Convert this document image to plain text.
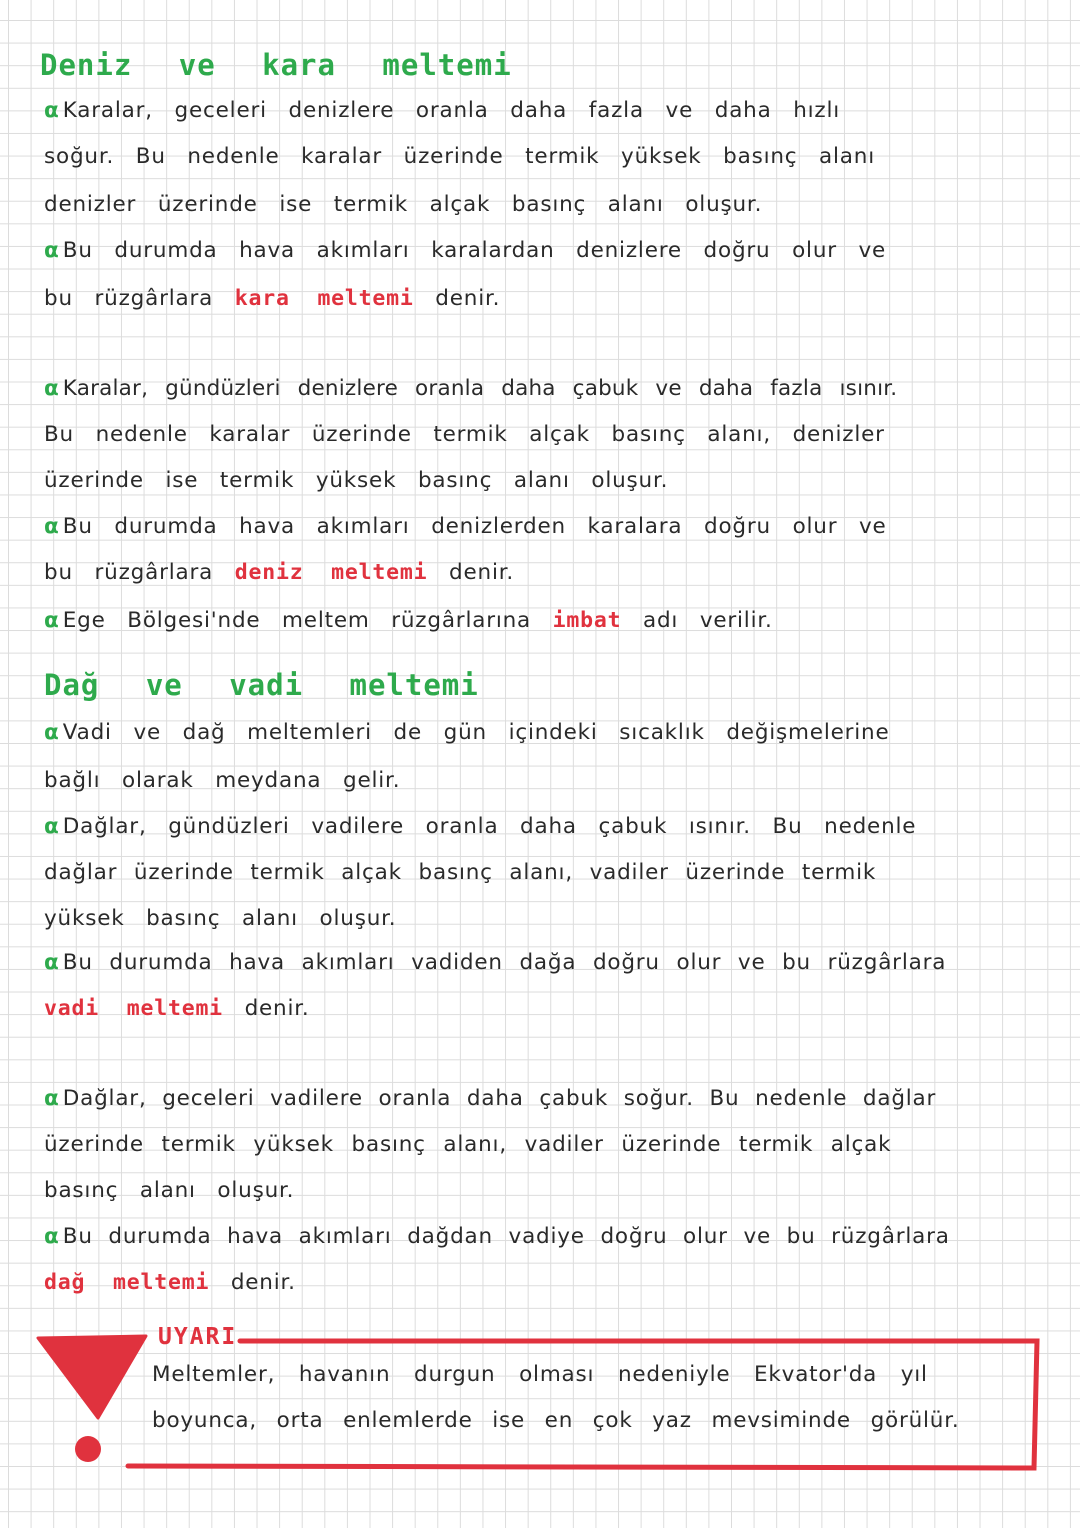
Deniz ve kara meltemi
α Karalar, geceleri denizlere oranla daha fazla ve daha hızlı
soğur. Bu nedenle karalar üzerinde termik yüksek basınç alanı
denizler üzerinde ise termik alçak basınç alanı oluşur.
α Bu durumda hava akımları karalardan denizlere doğru olur ve
bu rüzgârlara kara meltemi denir.
α Karalar, gündüzleri denizlere oranla daha çabuk ve daha fazla ısınır.
Bu nedenle karalar üzerinde termik alçak basınç alanı, denizler
üzerinde ise termik yüksek basınç alanı oluşur.
α Bu durumda hava akımları denizlerden karalara doğru olur ve
bu rüzgârlara deniz meltemi denir.
α Ege Bölgesi'nde meltem rüzgârlarına imbat adı verilir.
Dağ ve vadi meltemi
α Vadi ve dağ meltemleri de gün içindeki sıcaklık değişmelerine
bağlı olarak meydana gelir.
α Dağlar, gündüzleri vadilere oranla daha çabuk ısınır. Bu nedenle
dağlar üzerinde termik alçak basınç alanı, vadiler üzerinde termik
yüksek basınç alanı oluşur.
α Bu durumda hava akımları vadiden dağa doğru olur ve bu rüzgârlara
vadi meltemi denir.
α Dağlar, geceleri vadilere oranla daha çabuk soğur. Bu nedenle dağlar
üzerinde termik yüksek basınç alanı, vadiler üzerinde termik alçak
basınç alanı oluşur.
α Bu durumda hava akımları dağdan vadiye doğru olur ve bu rüzgârlara
dağ meltemi denir.
UYARI
Meltemler, havanın durgun olması nedeniyle Ekvator'da yıl
boyunca, orta enlemlerde ise en çok yaz mevsiminde görülür.
